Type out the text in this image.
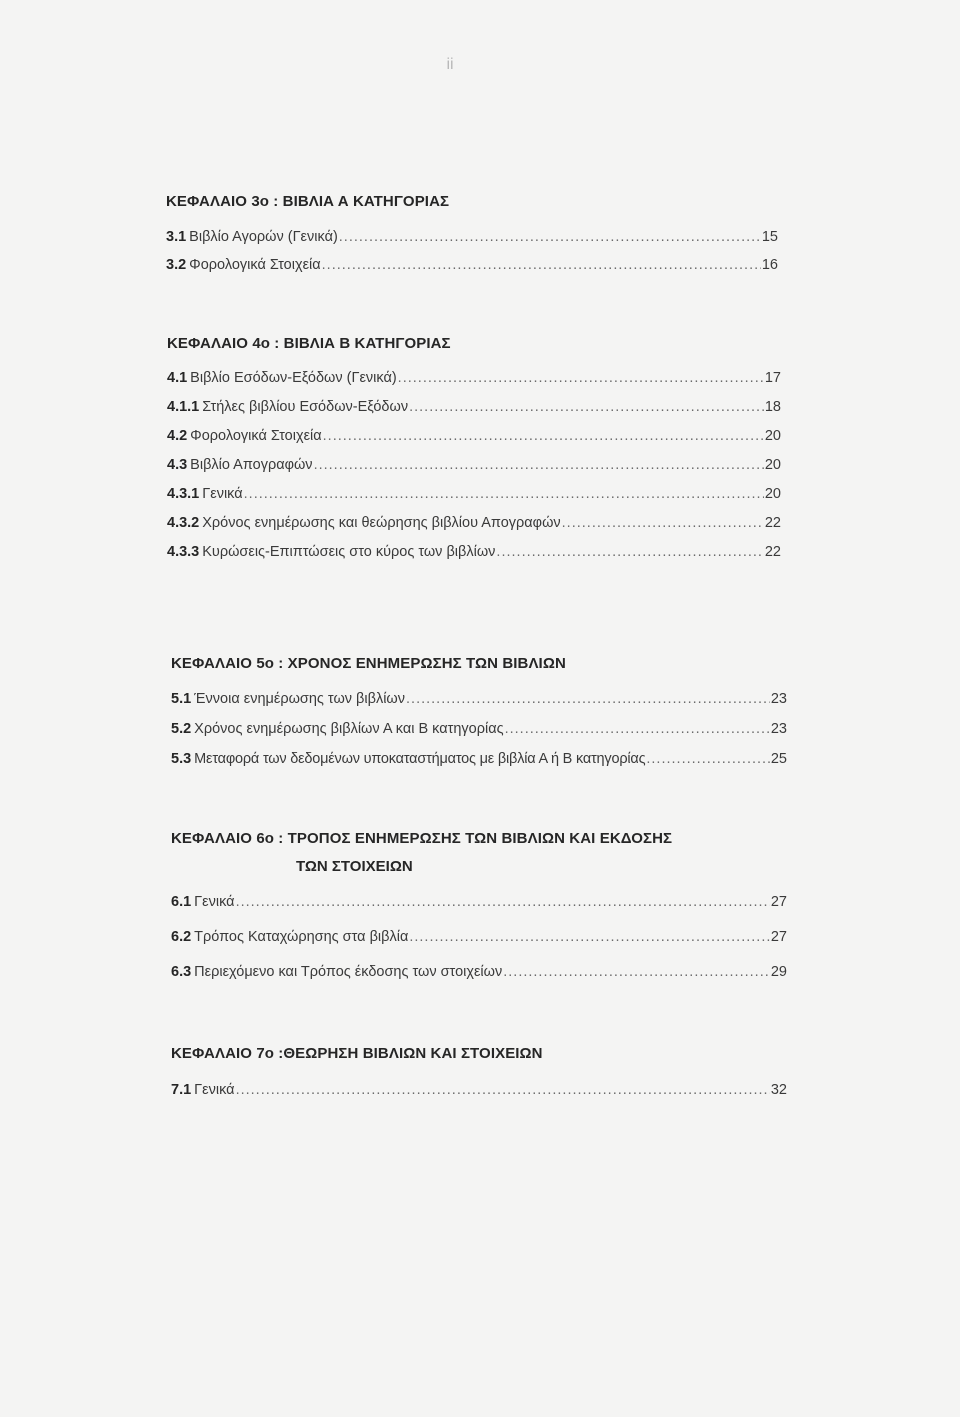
ii
ΚΕΦΑΛΑΙΟ 3ο : ΒΙΒΛΙΑ Α ΚΑΤΗΓΟΡΙΑΣ
3.1 Βιβλίο Αγορών (Γενικά) .....	15
3.2 Φορολογικά Στοιχεία .....	16
ΚΕΦΑΛΑΙΟ 4ο : ΒΙΒΛΙΑ Β ΚΑΤΗΓΟΡΙΑΣ
4.1 Βιβλίο Εσόδων-Εξόδων (Γενικά) .....	17
4.1.1 Στήλες βιβλίου Εσόδων-Εξόδων .....	18
4.2 Φορολογικά Στοιχεία .....	20
4.3 Βιβλίο Απογραφών .....	20
4.3.1 Γενικά .....	20
4.3.2 Χρόνος ενημέρωσης και θεώρησης βιβλίου Απογραφών .....	22
4.3.3 Κυρώσεις-Επιπτώσεις στο κύρος των βιβλίων .....	22
ΚΕΦΑΛΑΙΟ 5ο : ΧΡΟΝΟΣ ΕΝΗΜΕΡΩΣΗΣ ΤΩΝ ΒΙΒΛΙΩΝ
5.1 Έννοια ενημέρωσης των βιβλίων .....	23
5.2 Χρόνος ενημέρωσης βιβλίων Α και Β κατηγορίας .....	23
5.3 Μεταφορά των δεδομένων υποκαταστήματος με βιβλία Α ή Β κατηγορίας .....	25
ΚΕΦΑΛΑΙΟ 6ο : ΤΡΟΠΟΣ ΕΝΗΜΕΡΩΣΗΣ ΤΩΝ ΒΙΒΛΙΩΝ ΚΑΙ ΕΚΔΟΣΗΣ
ΤΩΝ ΣΤΟΙΧΕΙΩΝ
6.1 Γενικά .....	27
6.2 Τρόπος Καταχώρησης στα βιβλία .....	27
6.3 Περιεχόμενο και Τρόπος έκδοσης των στοιχείων .....	29
ΚΕΦΑΛΑΙΟ 7ο :ΘΕΩΡΗΣΗ ΒΙΒΛΙΩΝ ΚΑΙ ΣΤΟΙΧΕΙΩΝ
7.1 Γενικά .....	32
